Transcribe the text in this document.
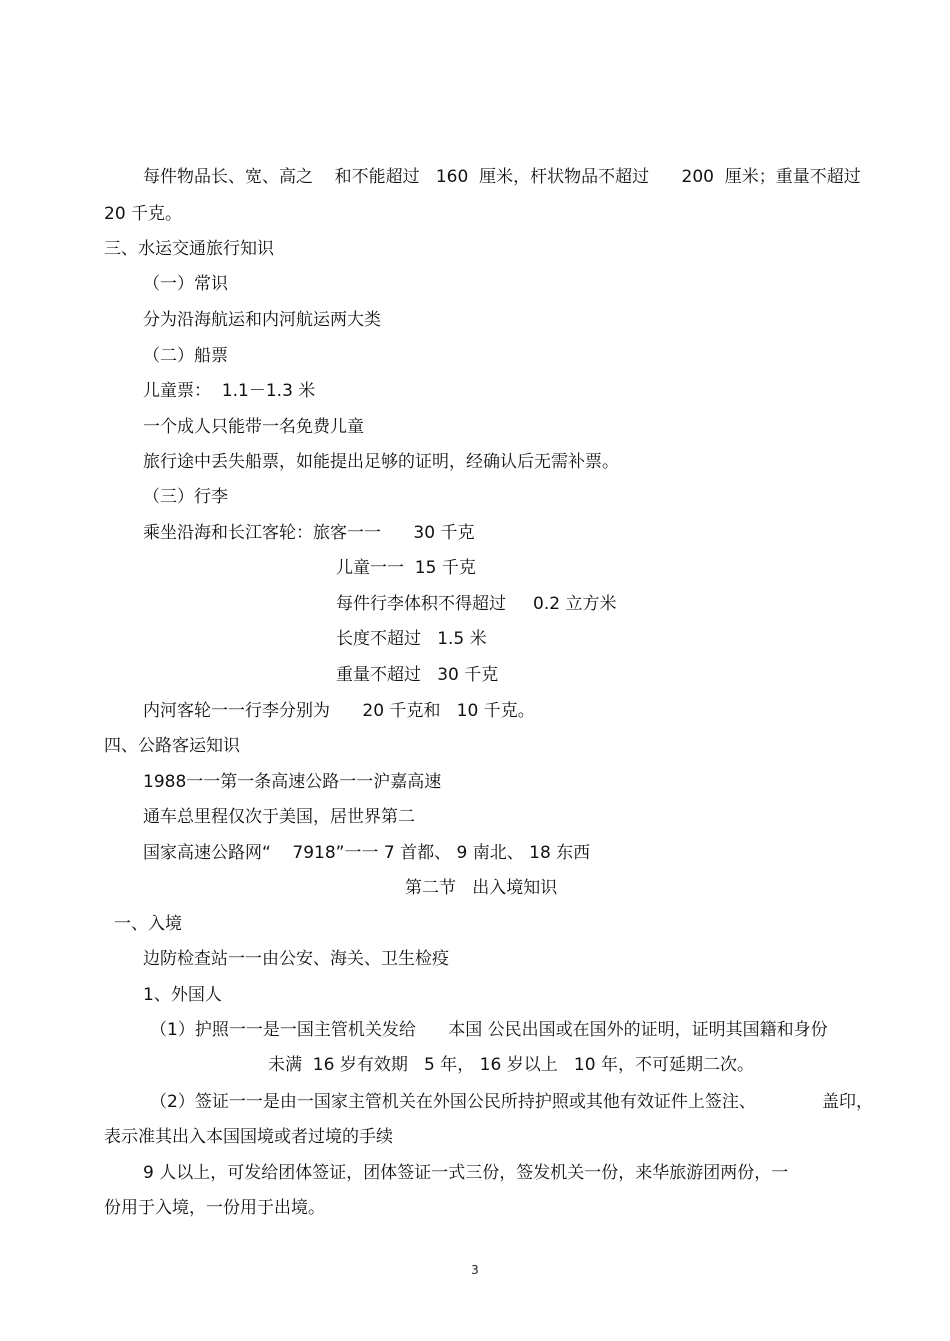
每件物品长、宽、高之    和不能超过   160  厘米，杆状物品不超过      200  厘米；重量不超过

20 千克。

三、水运交通旅行知识

（一）常识

分为沿海航运和内河航运两大类

（二）船票

儿童票：  1.1－1.3 米

一个成人只能带一名免费儿童

旅行途中丢失船票，如能提出足够的证明，经确认后无需补票。

（三）行李

乘坐沿海和长江客轮：旅客一一      30 千克

儿童一一  15 千克

每件行李体积不得超过     0.2 立方米

长度不超过   1.5 米

重量不超过   30 千克

内河客轮一一行李分别为      20 千克和   10 千克。

四、公路客运知识

1988一一第一条高速公路一一沪嘉高速

通车总里程仅次于美国，居世界第二

国家高速公路网“    7918”一一 7 首都、 9 南北、 18 东西

第二节   出入境知识

一、入境

边防检查站一一由公安、海关、卫生检疫

1、外国人

（1）护照一一是一国主管机关发给      本国 公民出国或在国外的证明，证明其国籍和身份

未满  16 岁有效期   5 年， 16 岁以上   10 年，不可延期二次。

（2）签证一一是由一国家主管机关在外国公民所持护照或其他有效证件上签注、	盖印，

表示准其出入本国国境或者过境的手续

9 人以上，可发给团体签证，团体签证一式三份，签发机关一份，来华旅游团两份，一

份用于入境，一份用于出境。

3
